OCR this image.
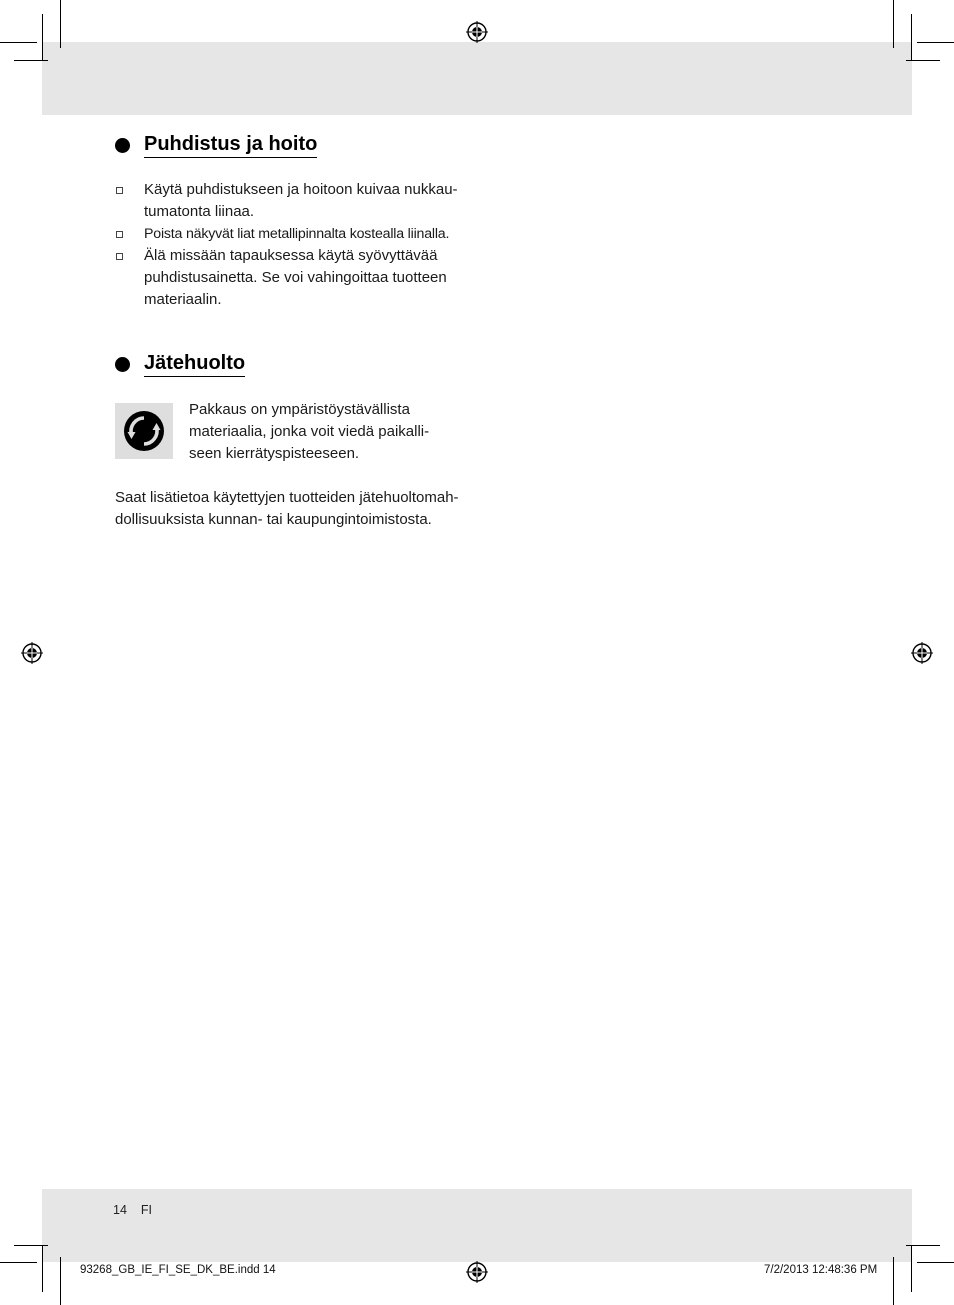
Puhdistus ja hoito
Käytä puhdistukseen ja hoitoon kuivaa nukkau-
tumatonta liinaa.
Poista näkyvät liat metallipinnalta kostealla liinalla.
Älä missään tapauksessa käytä syövyttävää
puhdistusainetta. Se voi vahingoittaa tuotteen
materiaalin.
Jätehuolto
Pakkaus on ympäristöystävällista
materiaalia, jonka voit viedä paikalli-
seen kierrätyspisteeseen.
Saat lisätietoa käytettyjen tuotteiden jätehuoltomah-
dollisuuksista kunnan- tai kaupungintoimistosta.
14 FI
93268_GB_IE_FI_SE_DK_BE.indd 14	7/2/2013 12:48:36 PM
